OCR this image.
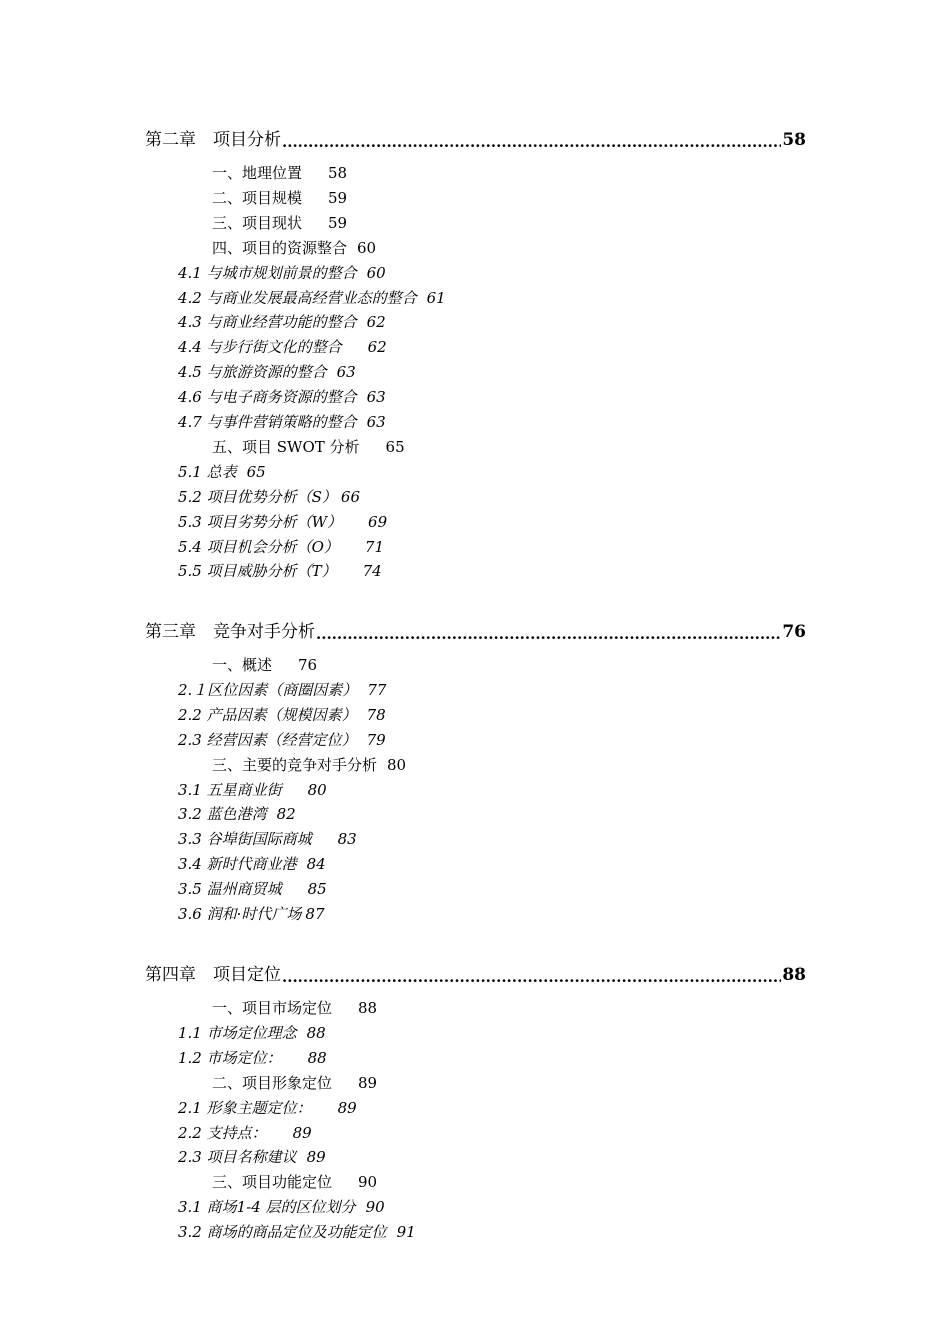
第二章　项目分析 .....	58
一、地理位置 58
二、项目规模 59
三、项目现状 59
四、项目的资源整合 60
4.1 与城市规划前景的整合 60
4.2 与商业发展最高经营业态的整合 61
4.3 与商业经营功能的整合 62
4.4 与步行街文化的整合 62
4.5 与旅游资源的整合 63
4.6 与电子商务资源的整合 63
4.7 与事件营销策略的整合 63
五、项目 SWOT 分析 65
5.1 总表 65
5.2 项目优势分析（S） 66
5.3 项目劣势分析（W） 69
5.4 项目机会分析（O） 71
5.5 项目威胁分析（T） 74
第三章　竞争对手分析 .....	76
一、概述 76
2.１区位因素（商圈因素） 77
2.2 产品因素（规模因素） 78
2.3 经营因素（经营定位） 79
三、主要的竞争对手分析 80
3.1 五星商业街 80
3.2 蓝色港湾 82
3.3 谷埠街国际商城 83
3.4 新时代商业港 84
3.5 温州商贸城 85
3.6 润和·时代广场 87
第四章　项目定位 .....	88
一、项目市场定位 88
1.1 市场定位理念 88
1.2 市场定位： 88
二、项目形象定位 89
2.1 形象主题定位： 89
2.2 支持点： 89
2.3 项目名称建议 89
三、项目功能定位 90
3.1 商场1-4 层的区位划分 90
3.2 商场的商品定位及功能定位 91
